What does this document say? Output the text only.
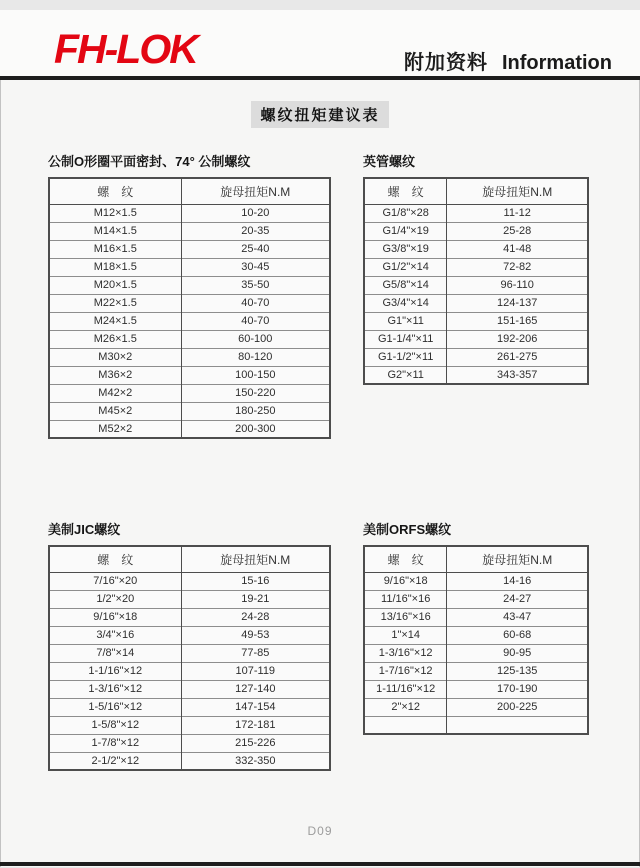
FH-LOK	附加资料 Information
螺纹扭矩建议表
公制O形圈平面密封、74° 公制螺纹
螺　纹	旋母扭矩N.M
M12×1.5	10-20
M14×1.5	20-35
M16×1.5	25-40
M18×1.5	30-45
M20×1.5	35-50
M22×1.5	40-70
M24×1.5	40-70
M26×1.5	60-100
M30×2	80-120
M36×2	100-150
M42×2	150-220
M45×2	180-250
M52×2	200-300
英管螺纹
螺　纹	旋母扭矩N.M
G1/8"×28	11-12
G1/4"×19	25-28
G3/8"×19	41-48
G1/2"×14	72-82
G5/8"×14	96-110
G3/4"×14	124-137
G1"×11	151-165
G1-1/4"×11	192-206
G1-1/2"×11	261-275
G2"×11	343-357
美制JIC螺纹
螺　纹	旋母扭矩N.M
7/16"×20	15-16
1/2"×20	19-21
9/16"×18	24-28
3/4"×16	49-53
7/8"×14	77-85
1-1/16"×12	107-119
1-3/16"×12	127-140
1-5/16"×12	147-154
1-5/8"×12	172-181
1-7/8"×12	215-226
2-1/2"×12	332-350
美制ORFS螺纹
螺　纹	旋母扭矩N.M
9/16"×18	14-16
11/16"×16	24-27
13/16"×16	43-47
1"×14	60-68
1-3/16"×12	90-95
1-7/16"×12	125-135
1-11/16"×12	170-190
2"×12	200-225

D09
